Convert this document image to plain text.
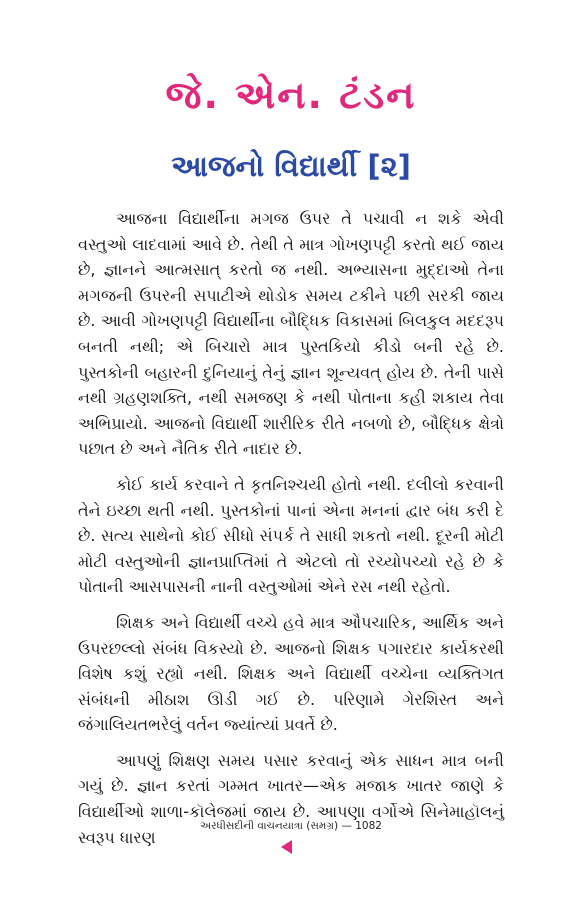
જે. એન. ટંડન
આજનો વિદ્યાર્થી [૨]

આજના વિદ્યાર્થીના મગજ ઉપર તે પચાવી ન શકે એવી વસ્તુઓ લાદવામાં આવે છે. તેથી તે માત્ર ગોખણપટ્ટી કરતો થઈ જાય છે, જ્ઞાનને આત્મસાત્‌ કરતો જ નથી. અભ્યાસના મુદ્દાઓ તેના મગજની ઉપરની સપાટીએ થોડોક સમય ટકીને પછી સરકી જાય છે. આવી ગોખણપટ્ટી વિદ્યાર્થીના બૌદ્ધિક વિકાસમાં બિલકુલ મદદરૂપ બનતી નથી; એ બિચારો માત્ર પુસ્તકિયો કીડો બની રહે છે. પુસ્તકોની બહારની દુનિયાનું તેનું જ્ઞાન શૂન્યવત્‌ હોય છે. તેની પાસે નથી ગ્રહણશક્તિ, નથી સમજણ કે નથી પોતાના કહી શકાય તેવા અભિપ્રાયો. આજનો વિદ્યાર્થી શારીરિક રીતે નબળો છે, બૌદ્ધિક ક્ષેત્રો પછાત છે અને નૈતિક રીતે નાદાર છે.

કોઈ કાર્ય કરવાને તે કૃતનિશ્ચયી હોતો નથી. દલીલો કરવાની તેને ઇચ્છા થતી નથી. પુસ્તકોનાં પાનાં એના મનનાં દ્વાર બંધ કરી દે છે. સત્ય સાથેનો કોઈ સીધો સંપર્ક તે સાધી શકતો નથી. દૂરની મોટી મોટી વસ્તુઓની જ્ઞાનપ્રાપ્તિમાં તે એટલો તો રચ્યોપચ્યો રહે છે કે પોતાની આસપાસની નાની વસ્તુઓમાં એને રસ નથી રહેતો.

શિક્ષક અને વિદ્યાર્થી વચ્ચે હવે માત્ર ઔપચારિક, આર્થિક અને ઉપરછલ્લો સંબંધ વિકસ્યો છે. આજનો શિક્ષક પગારદાર કાર્યકરથી વિશેષ કશું રહ્યો નથી. શિક્ષક અને વિદ્યાર્થી વચ્ચેના વ્યક્તિગત સંબંધની મીઠાશ ઊડી ગઈ છે. પરિણામે ગેરશિસ્ત અને જંગાલિયતભરેલું વર્તન જ્યાંત્યાં પ્રવર્તે છે.

આપણું શિક્ષણ સમય પસાર કરવાનું એક સાધન માત્ર બની ગયું છે. જ્ઞાન કરતાં ગમ્મત ખાતર—એક મજાક ખાતર જાણે કે વિદ્યાર્થીઓ શાળા-કૉલેજમાં જાય છે. આપણા વર્ગોએ સિનેમાહૉલનું સ્વરૂપ ધારણ

અરધીસદીની વાચનયાત્રા (સમગ્ર) — 1082
